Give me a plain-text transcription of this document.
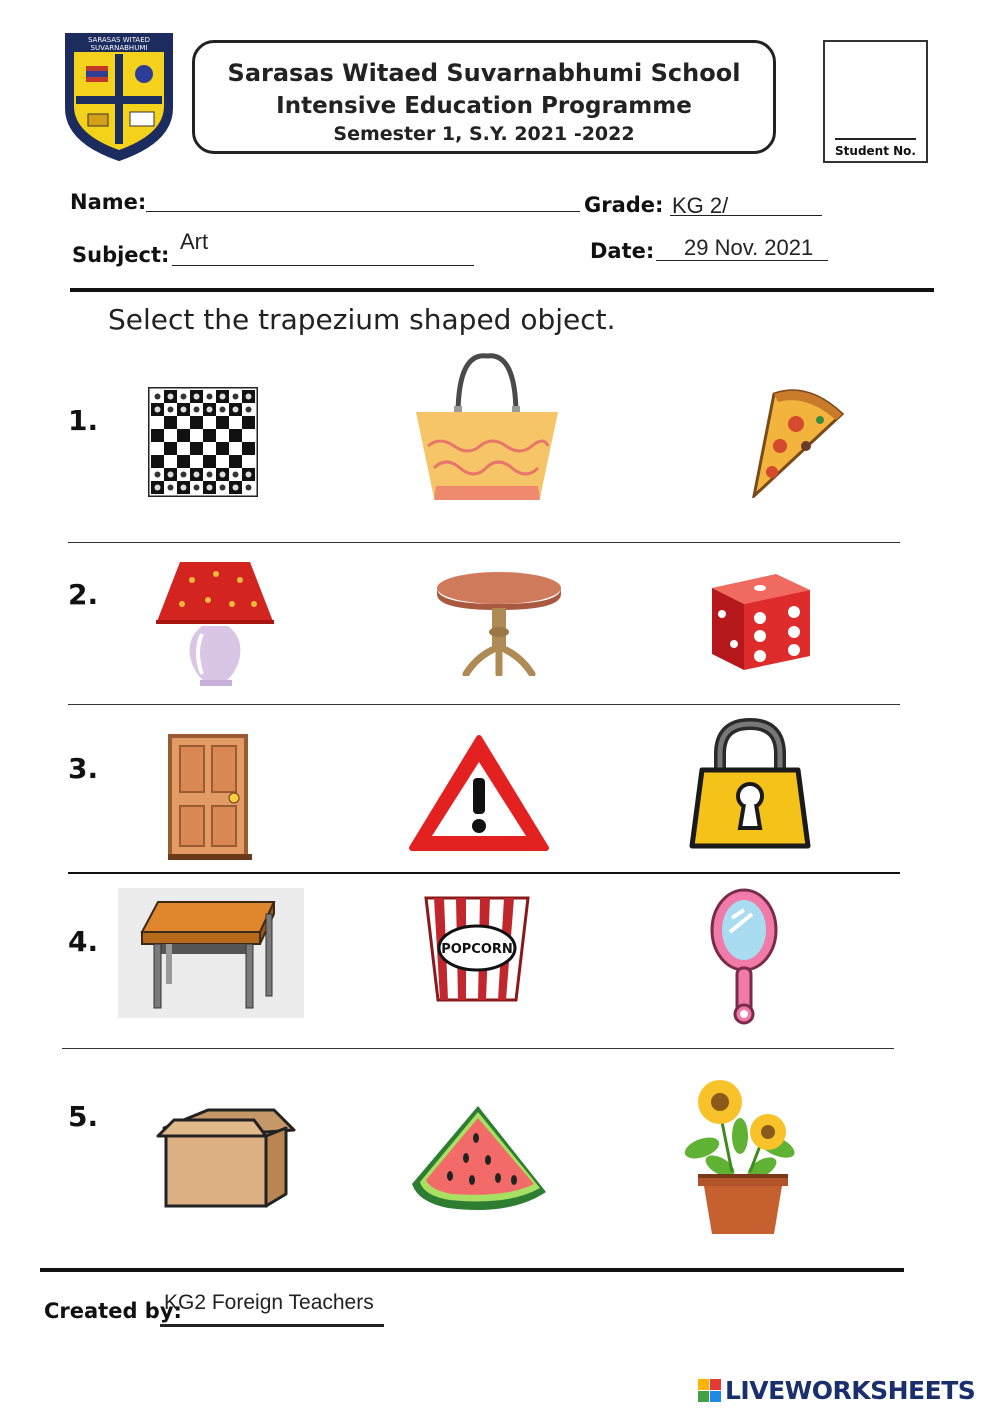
SARASAS WITAED
SUVARNABHUMI
Sarasas Witaed Suvarnabhumi School
Intensive Education Programme
Semester 1, S.Y. 2021 -2022
Student No.
Name:	Grade: KG 2/
Subject:
Art	Date: 29 Nov. 2021
Select the trapezium shaped object.
1.
2.
3.
4.
5.
POPCORN
Created by:
KG2 Foreign Teachers
LIVEWORKSHEETS
